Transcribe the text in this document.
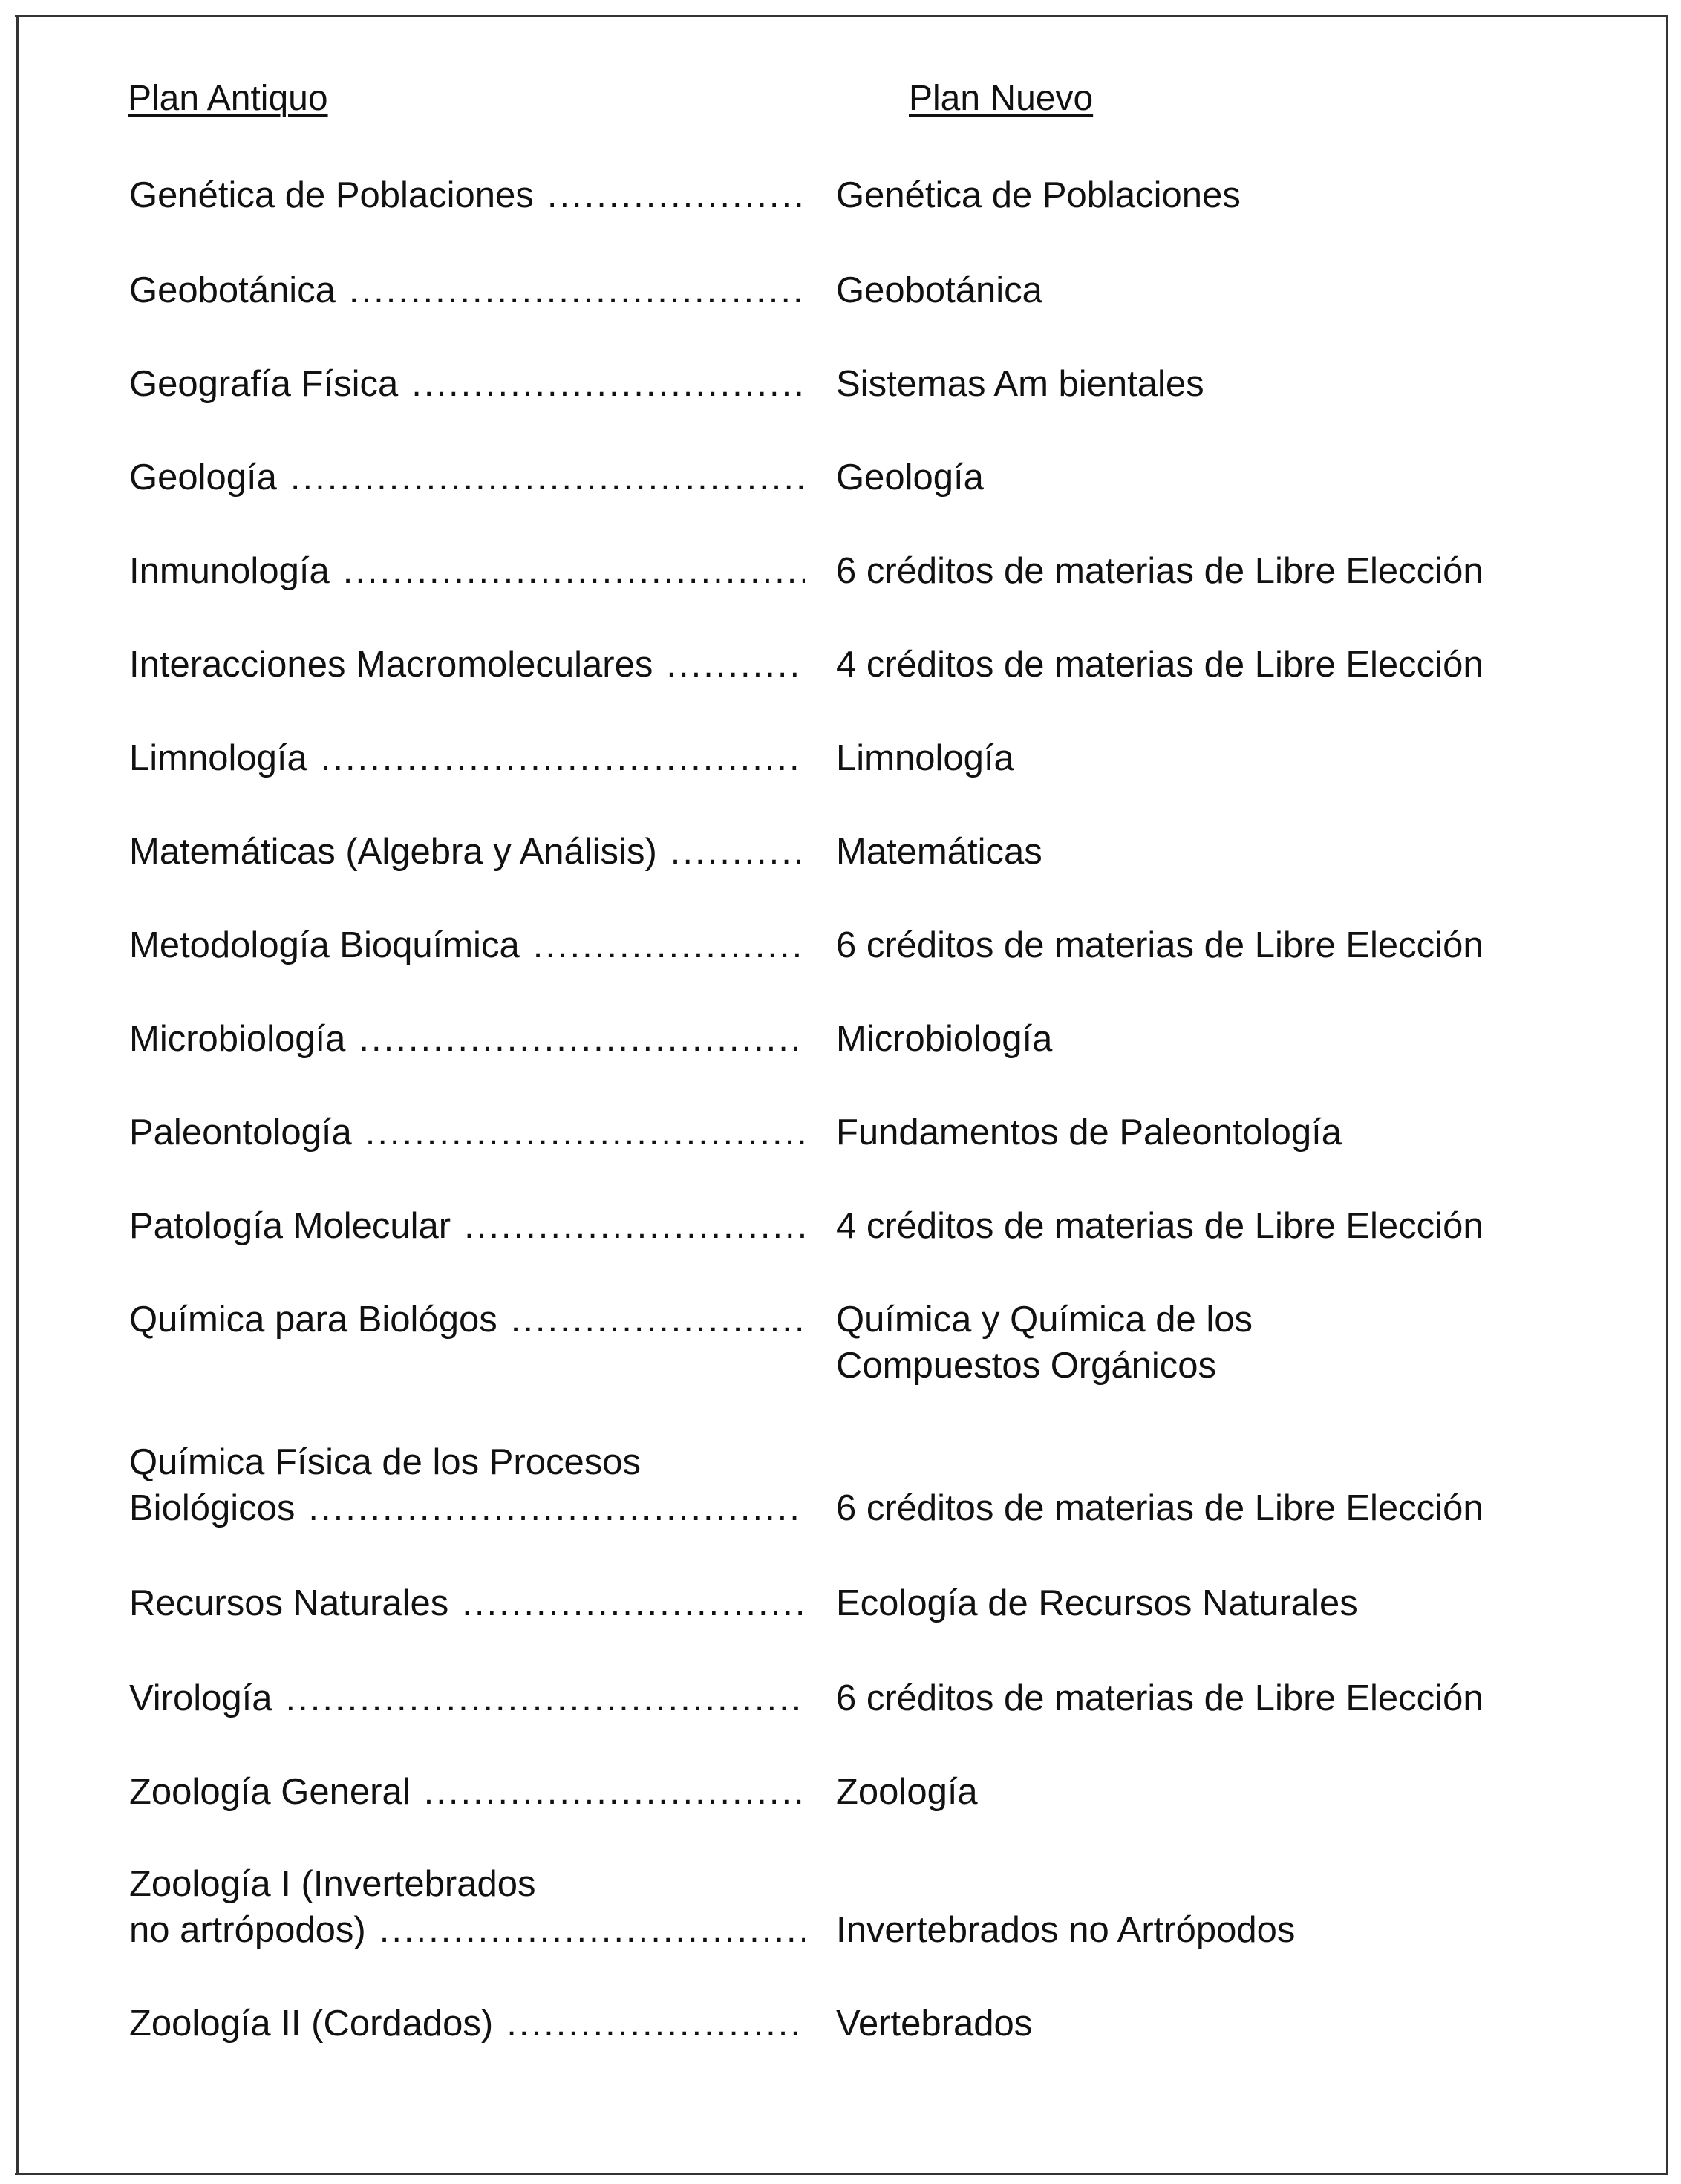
Plan Antiquo	Plan Nuevo
Genética de Poblaciones .....	Genética de Poblaciones
Geobotánica .....	Geobotánica
Geografía Física .....	Sistemas Am bientales
Geología .....	Geología
Inmunología .....	6 créditos de materias de Libre Elección
Interacciones Macromoleculares .....	4 créditos de materias de Libre Elección
Limnología .....	Limnología
Matemáticas (Algebra y Análisis) .....	Matemáticas
Metodología Bioquímica .....	6 créditos de materias de Libre Elección
Microbiología .....	Microbiología
Paleontología .....	Fundamentos de Paleontología
Patología Molecular .....	4 créditos de materias de Libre Elección
Química para Biológos .....	Química y Química de los
Compuestos Orgánicos
Química Física de los Procesos
Biológicos .....	6 créditos de materias de Libre Elección
Recursos Naturales .....	Ecología de Recursos Naturales
Virología .....	6 créditos de materias de Libre Elección
Zoología General .....	Zoología
Zoología I (Invertebrados
no artrópodos) .....	Invertebrados no Artrópodos
Zoología II (Cordados) .....	Vertebrados
